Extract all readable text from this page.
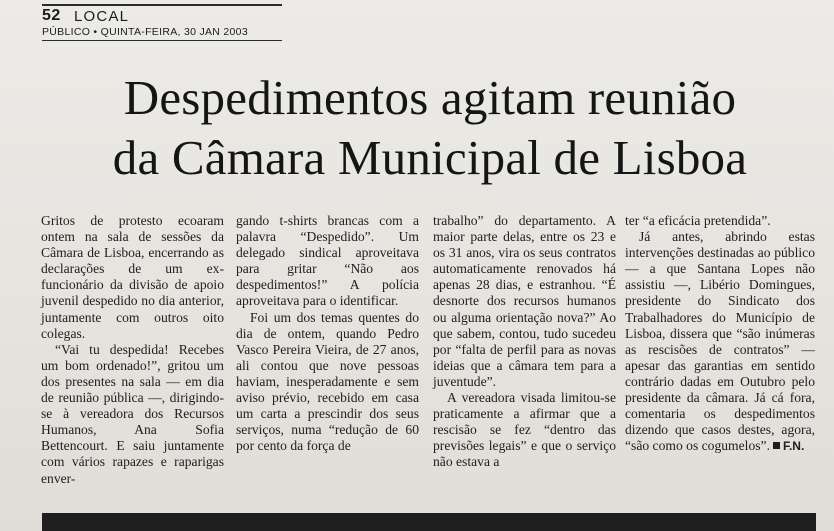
52 LOCAL
PÚBLICO • QUINTA-FEIRA, 30 JAN 2003
Despedimentos agitam reunião
da Câmara Municipal de Lisboa

Gritos de protesto ecoaram ontem na sala de sessões da Câmara de Lisboa, encerrando as declarações de um ex-funcionário da divisão de apoio juvenil despedido no dia anterior, juntamente com outros oito colegas.

“Vai tu despedida! Recebes um bom ordenado!”, gritou um dos presentes na sala — em dia de reunião pública —, dirigindo-se à vereadora dos Recursos Humanos, Ana Sofia Bettencourt. E saiu juntamente com vários rapazes e raparigas enver-

gando t-shirts brancas com a palavra “Despedido”. Um delegado sindical aproveitava para gritar “Não aos despedimentos!” A polícia aproveitava para o identificar.

Foi um dos temas quentes do dia de ontem, quando Pedro Vasco Pereira Vieira, de 27 anos, ali contou que nove pessoas haviam, inesperadamente e sem aviso prévio, recebido em casa um carta a prescindir dos seus serviços, numa “redução de 60 por cento da força de

trabalho” do departamento. A maior parte delas, entre os 23 e os 31 anos, vira os seus contratos automaticamente renovados há apenas 28 dias, e estranhou. “É desnorte dos recursos humanos ou alguma orientação nova?” Ao que sabem, contou, tudo sucedeu por “falta de perfil para as novas ideias que a câmara tem para a juventude”.

A vereadora visada limitou-se praticamente a afirmar que a rescisão se fez “dentro das previsões legais” e que o serviço não estava a

ter “a eficácia pretendida”.

Já antes, abrindo estas intervenções destinadas ao público — a que Santana Lopes não assistiu —, Libério Domingues, presidente do Sindicato dos Trabalhadores do Município de Lisboa, dissera que “são inúmeras as rescisões de contratos” — apesar das garantias em sentido contrário dadas em Outubro pelo presidente da câmara. Já cá fora, comentaria os despedimentos dizendo que casos destes, agora, “são como os cogumelos”. F.N.
